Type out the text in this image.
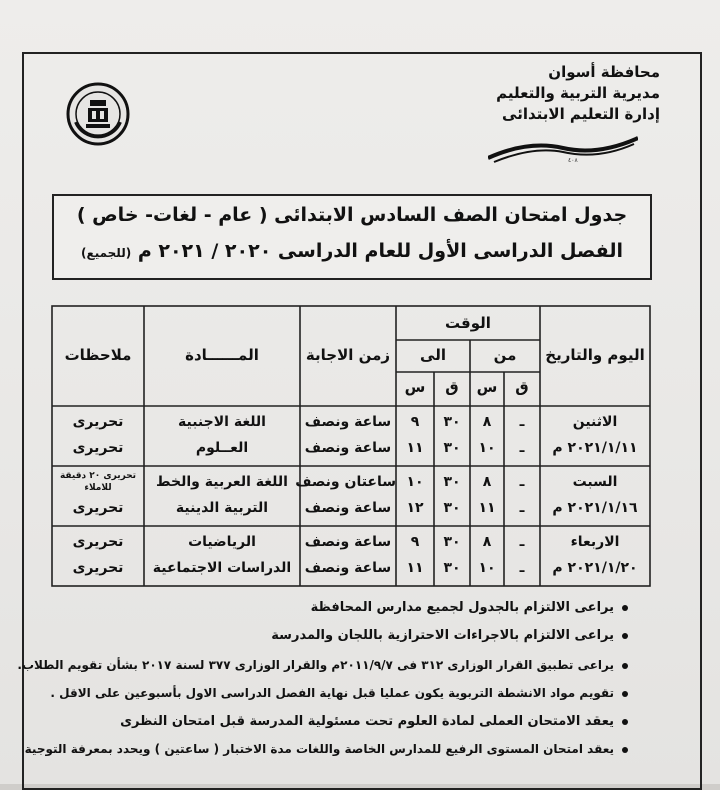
محافظة أسوان
مديرية التربية والتعليم
إدارة التعليم الابتدائى
٤٠٨
جدول امتحان الصف السادس الابتدائى ( عام - لغات- خاص )
الفصل الدراسى الأول للعام الدراسى ٢٠٢٠ / ٢٠٢١ م (للجميع)
اليوم والتاريخ
الوقت
من
الى
ق
س
ق
س
زمن الاجابة
المــــــادة
ملاحظات
الاثنين
٢٠٢١/١/١١ م
ـ
٨
٣٠
٩
ساعة ونصف
اللغة الاجنبية
تحريرى
ـ
١٠
٣٠
١١
ساعة ونصف
العــلوم
تحريرى
السبت
٢٠٢١/١/١٦ م
ـ
٨
٣٠
١٠
ساعتان ونصف
اللغة العربية والخط
تحريرى ٢٠ دقيقة للاملاء
ـ
١١
٣٠
١٢
ساعة ونصف
التربية الدينية
تحريرى
الاربعاء
٢٠٢١/١/٢٠ م
ـ
٨
٣٠
٩
ساعة ونصف
الرياضيات
تحريرى
ـ
١٠
٣٠
١١
ساعة ونصف
الدراسات الاجتماعية
تحريرى
يراعى الالتزام بالجدول لجميع مدارس المحافظة
يراعى الالتزام بالاجراءات الاحترازية باللجان والمدرسة
يراعى تطبيق القرار الوزارى ٣١٢ فى ٢٠١١/٩/٧م والقرار الوزارى ٣٧٧ لسنة ٢٠١٧ بشأن تقويم الطلاب.
تقويم مواد الانشطة التربوية يكون عمليا قبل نهاية الفصل الدراسى الاول بأسبوعين على الاقل .
يعقد الامتحان العملى لمادة العلوم تحت مسئولية المدرسة قبل امتحان النظرى
يعقد امتحان المستوى الرفيع للمدارس الخاصة واللغات مدة الاختبار ( ساعتين ) ويحدد بمعرفة التوجية
